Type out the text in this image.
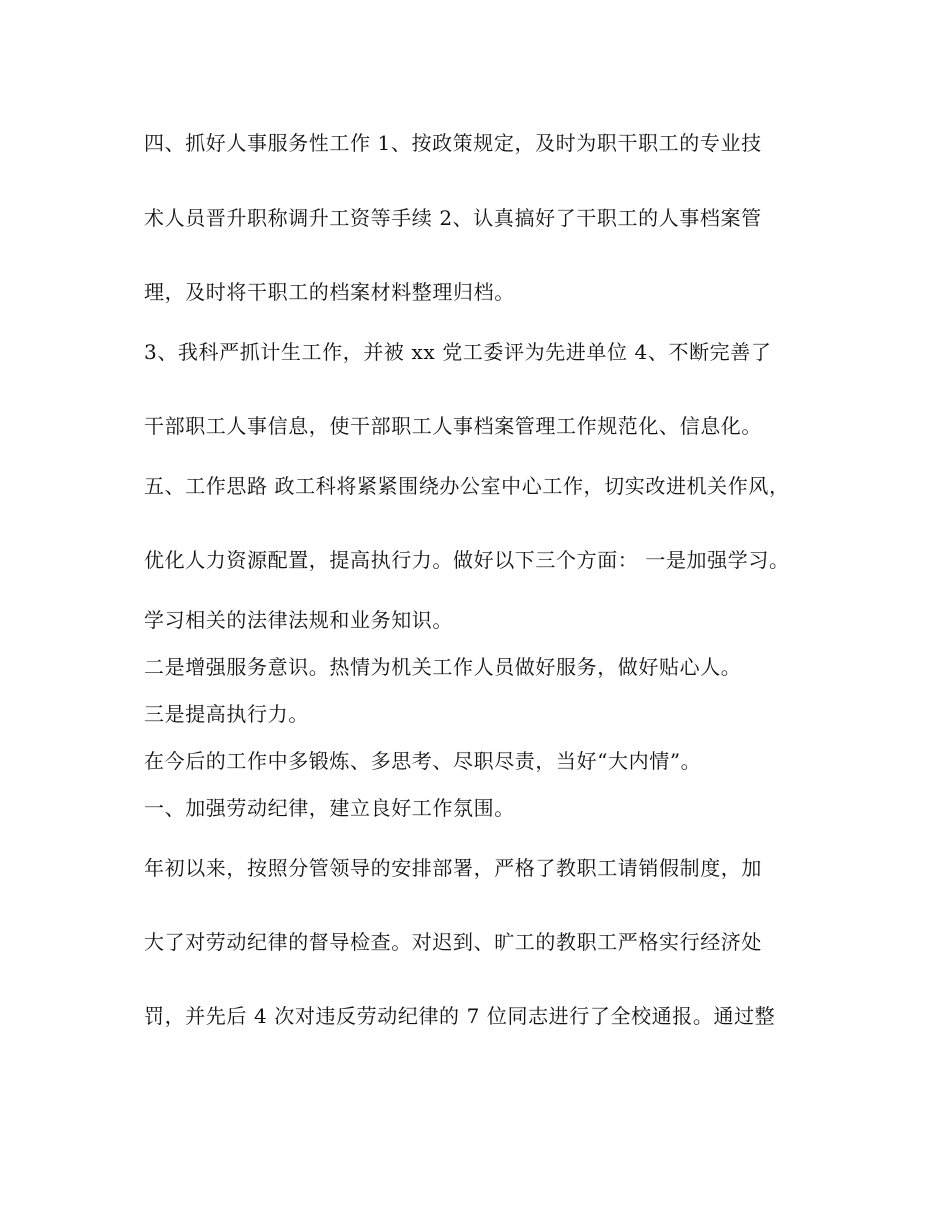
四、抓好人事服务性工作 1、按政策规定，及时为职干职工的专业技
术人员晋升职称调升工资等手续 2、认真搞好了干职工的人事档案管
理，及时将干职工的档案材料整理归档。
3、我科严抓计生工作，并被 xx 党工委评为先进单位 4、不断完善了
干部职工人事信息，使干部职工人事档案管理工作规范化、信息化。
五、工作思路 政工科将紧紧围绕办公室中心工作，切实改进机关作风，
优化人力资源配置，提高执行力。做好以下三个方面： 一是加强学习。
学习相关的法律法规和业务知识。
二是增强服务意识。热情为机关工作人员做好服务，做好贴心人。
三是提高执行力。
在今后的工作中多锻炼、多思考、尽职尽责，当好“大内情”。
一、加强劳动纪律，建立良好工作氛围。
年初以来，按照分管领导的安排部署，严格了教职工请销假制度，加
大了对劳动纪律的督导检查。对迟到、旷工的教职工严格实行经济处
罚，并先后 4 次对违反劳动纪律的 7 位同志进行了全校通报。通过整
